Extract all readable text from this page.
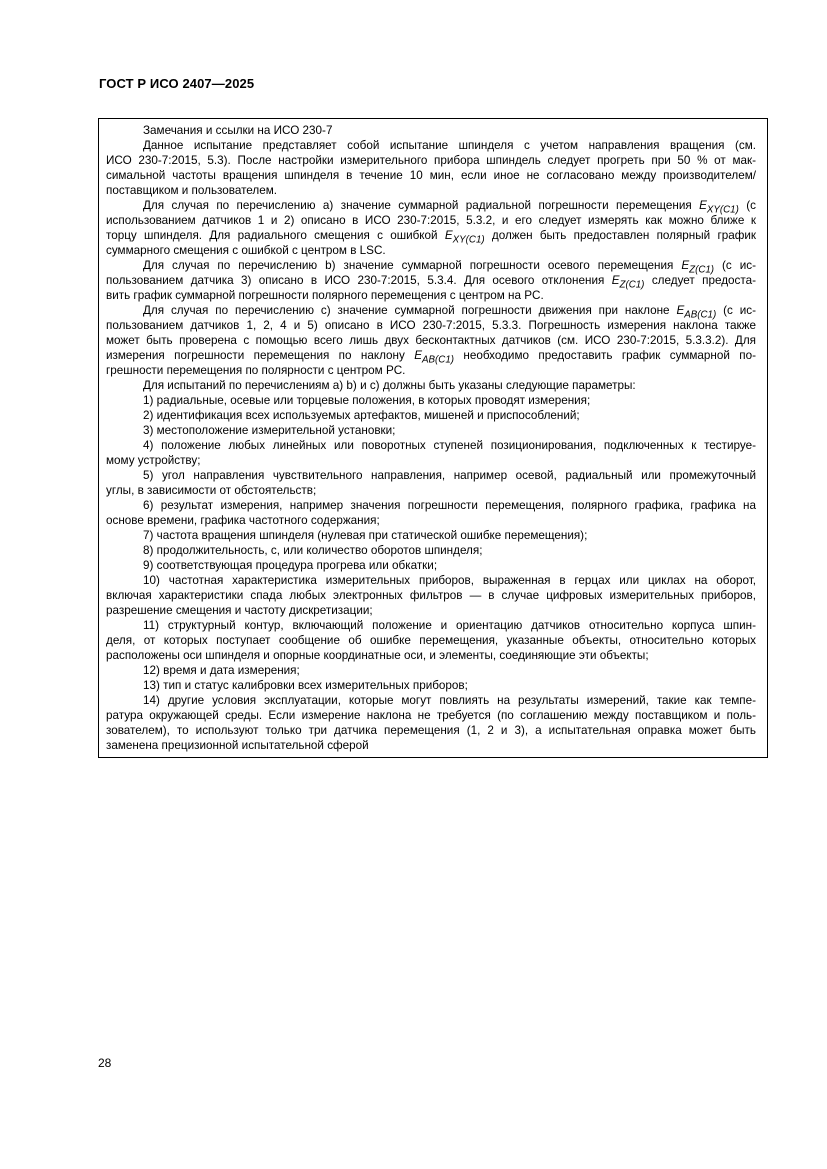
ГОСТ Р ИСО 2407—2025
Замечания и ссылки на ИСО 230-7
Данное испытание представляет собой испытание шпинделя с учетом направления вращения (см.
ИСО 230-7:2015, 5.3). После настройки измерительного прибора шпиндель следует прогреть при 50 % от мак-
симальной частоты вращения шпинделя в течение 10 мин, если иное не согласовано между производителем/
поставщиком и пользователем.
Для случая по перечислению a) значение суммарной радиальной погрешности перемещения $E_{XY(C1)}$ (с
использованием датчиков 1 и 2) описано в ИСО 230-7:2015, 5.3.2, и его следует измерять как можно ближе к
торцу шпинделя. Для радиального смещения с ошибкой $E_{XY(C1)}$ должен быть предоставлен полярный график
суммарного смещения с ошибкой с центром в LSC.
Для случая по перечислению b) значение суммарной погрешности осевого перемещения $E_{Z(C1)}$ (с ис-
пользованием датчика 3) описано в ИСО 230-7:2015, 5.3.4. Для осевого отклонения $E_{Z(C1)}$ следует предоста-
вить график суммарной погрешности полярного перемещения с центром на PC.
Для случая по перечислению c) значение суммарной погрешности движения при наклоне $E_{AB(C1)}$ (с ис-
пользованием датчиков 1, 2, 4 и 5) описано в ИСО 230-7:2015, 5.3.3. Погрешность измерения наклона также
может быть проверена с помощью всего лишь двух бесконтактных датчиков (см. ИСО 230-7:2015, 5.3.3.2). Для
измерения погрешности перемещения по наклону $E_{AB(C1)}$ необходимо предоставить график суммарной по-
грешности перемещения по полярности с центром PC.
Для испытаний по перечислениям a) b) и c) должны быть указаны следующие параметры:
1) радиальные, осевые или торцевые положения, в которых проводят измерения;
2) идентификация всех используемых артефактов, мишеней и приспособлений;
3) местоположение измерительной установки;
4) положение любых линейных или поворотных ступеней позиционирования, подключенных к тестируе-
мому устройству;
5) угол направления чувствительного направления, например осевой, радиальный или промежуточный
углы, в зависимости от обстоятельств;
6) результат измерения, например значения погрешности перемещения, полярного графика, графика на
основе времени, графика частотного содержания;
7) частота вращения шпинделя (нулевая при статической ошибке перемещения);
8) продолжительность, с, или количество оборотов шпинделя;
9) соответствующая процедура прогрева или обкатки;
10) частотная характеристика измерительных приборов, выраженная в герцах или циклах на оборот,
включая характеристики спада любых электронных фильтров — в случае цифровых измерительных приборов,
разрешение смещения и частоту дискретизации;
11) структурный контур, включающий положение и ориентацию датчиков относительно корпуса шпин-
деля, от которых поступает сообщение об ошибке перемещения, указанные объекты, относительно которых
расположены оси шпинделя и опорные координатные оси, и элементы, соединяющие эти объекты;
12) время и дата измерения;
13) тип и статус калибровки всех измерительных приборов;
14) другие условия эксплуатации, которые могут повлиять на результаты измерений, такие как темпе-
ратура окружающей среды. Если измерение наклона не требуется (по соглашению между поставщиком и поль-
зователем), то используют только три датчика перемещения (1, 2 и 3), а испытательная оправка может быть
заменена прецизионной испытательной сферой
28
